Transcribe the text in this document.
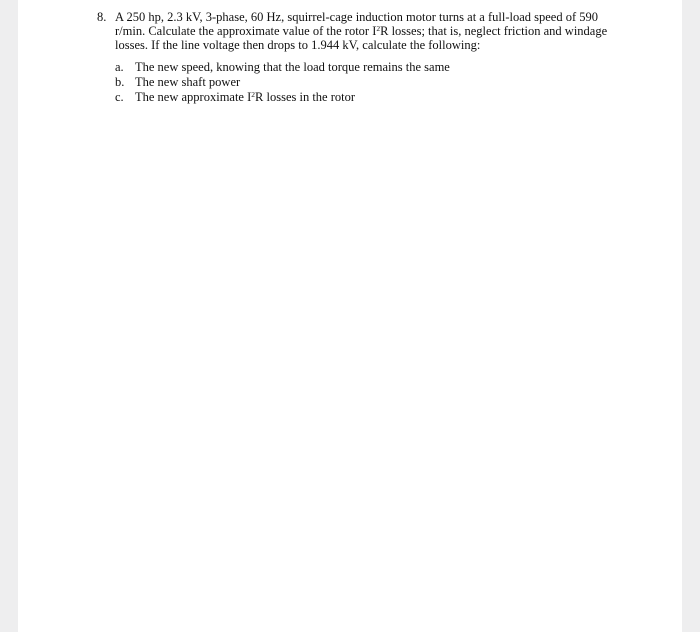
8. A 250 hp, 2.3 kV, 3-phase, 60 Hz, squirrel-cage induction motor turns at a full-load speed of 590 r/min. Calculate the approximate value of the rotor $I^2R$ losses; that is, neglect friction and windage losses. If the line voltage then drops to 1.944 kV, calculate the following:
a. The new speed, knowing that the load torque remains the same
b. The new shaft power
c. The new approximate $I^2R$ losses in the rotor
